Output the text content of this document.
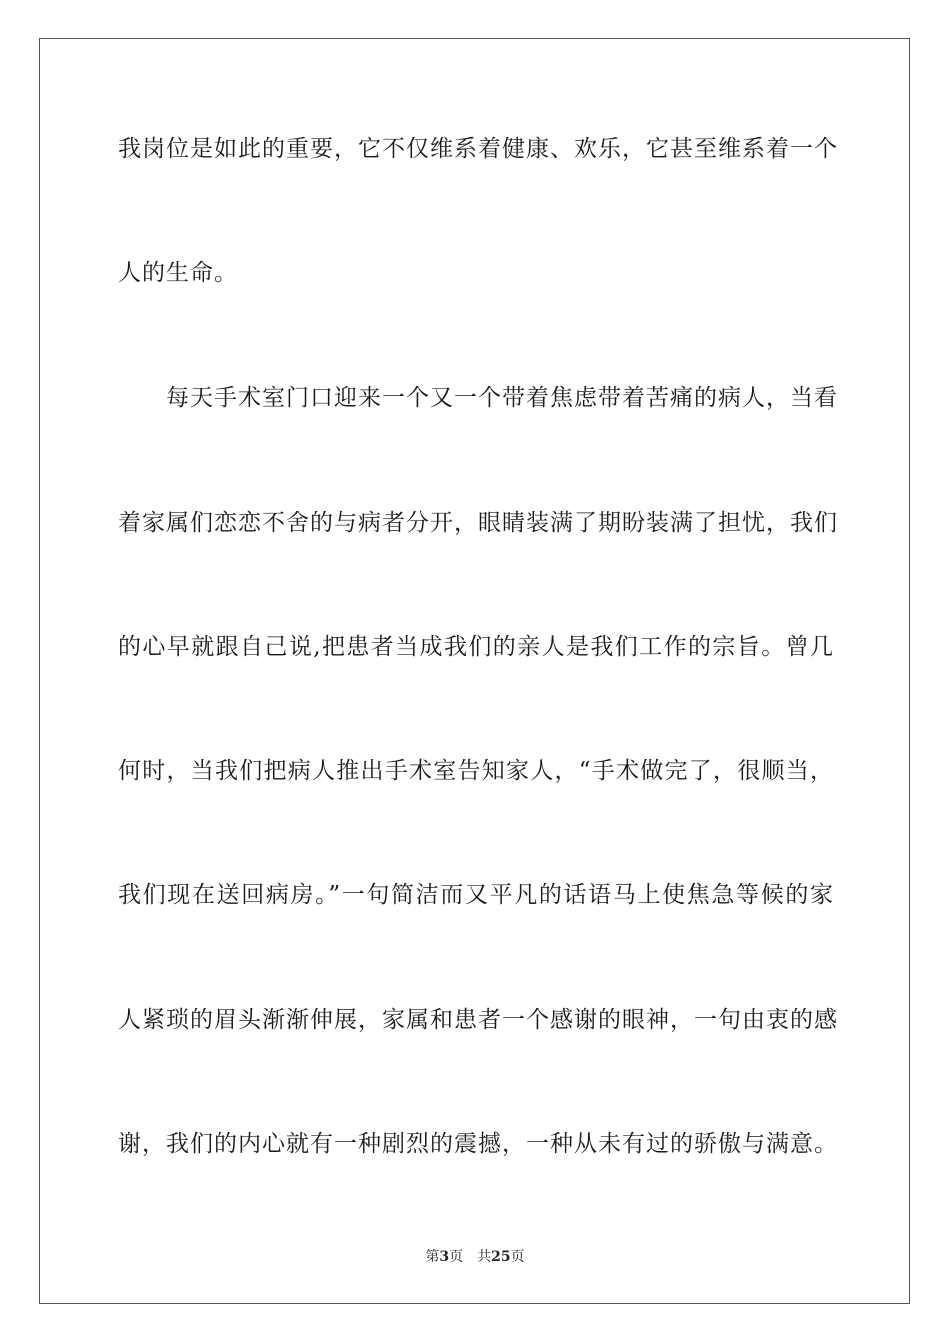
我岗位是如此的重要，它不仅维系着健康、欢乐，它甚至维系着一个
人的生命。
每天手术室门口迎来一个又一个带着焦虑带着苦痛的病人，当看
着家属们恋恋不舍的与病者分开，眼睛装满了期盼装满了担忧，我们
的心早就跟自己说,把患者当成我们的亲人是我们工作的宗旨。曾几
何时，当我们把病人推出手术室告知家人，“手术做完了，很顺当，
我们现在送回病房。”一句简洁而又平凡的话语马上使焦急等候的家
人紧琐的眉头渐渐伸展，家属和患者一个感谢的眼神，一句由衷的感
谢，我们的内心就有一种剧烈的震撼，一种从未有过的骄傲与满意。
第3页 共25页
